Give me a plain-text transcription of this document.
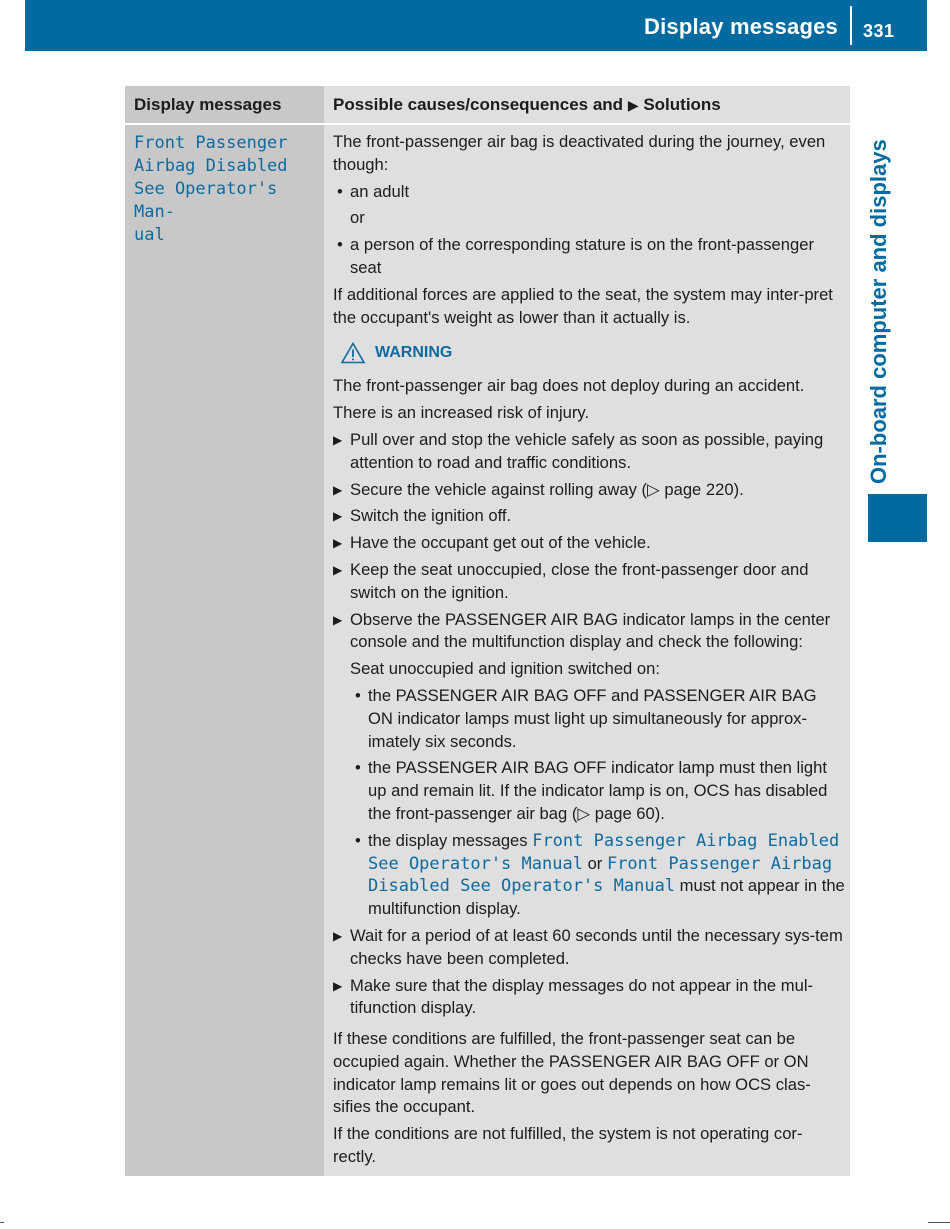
Display messages 331
On-board computer and displays
Display messages	Possible causes/consequences and ▶ Solutions
Front Passenger
Airbag Disabled
See Operator's Man-
ual

The front-passenger air bag is deactivated during the journey, even though:

• an adult
or
• a person of the corresponding stature is on the front-passenger seat

If additional forces are applied to the seat, the system may inter-pret the occupant's weight as lower than it actually is.

WARNING

The front-passenger air bag does not deploy during an accident.

There is an increased risk of injury.

▶ Pull over and stop the vehicle safely as soon as possible, paying attention to road and traffic conditions.
▶ Secure the vehicle against rolling away (▷ page 220).
▶ Switch the ignition off.
▶ Have the occupant get out of the vehicle.
▶ Keep the seat unoccupied, close the front-passenger door and switch on the ignition.
▶ Observe the PASSENGER AIR BAG indicator lamps in the center console and the multifunction display and check the following:
Seat unoccupied and ignition switched on:
• the PASSENGER AIR BAG OFF and PASSENGER AIR BAG ON indicator lamps must light up simultaneously for approx-imately six seconds.
• the PASSENGER AIR BAG OFF indicator lamp must then light up and remain lit. If the indicator lamp is on, OCS has disabled the front-passenger air bag (▷ page 60).
• the display messages Front Passenger Airbag Enabled See Operator's Manual or Front Passenger Airbag Disabled See Operator's Manual must not appear in the multifunction display.
▶ Wait for a period of at least 60 seconds until the necessary sys-tem checks have been completed.
▶ Make sure that the display messages do not appear in the mul-tifunction display.

If these conditions are fulfilled, the front-passenger seat can be occupied again. Whether the PASSENGER AIR BAG OFF or ON indicator lamp remains lit or goes out depends on how OCS clas-sifies the occupant.

If the conditions are not fulfilled, the system is not operating cor-rectly.
